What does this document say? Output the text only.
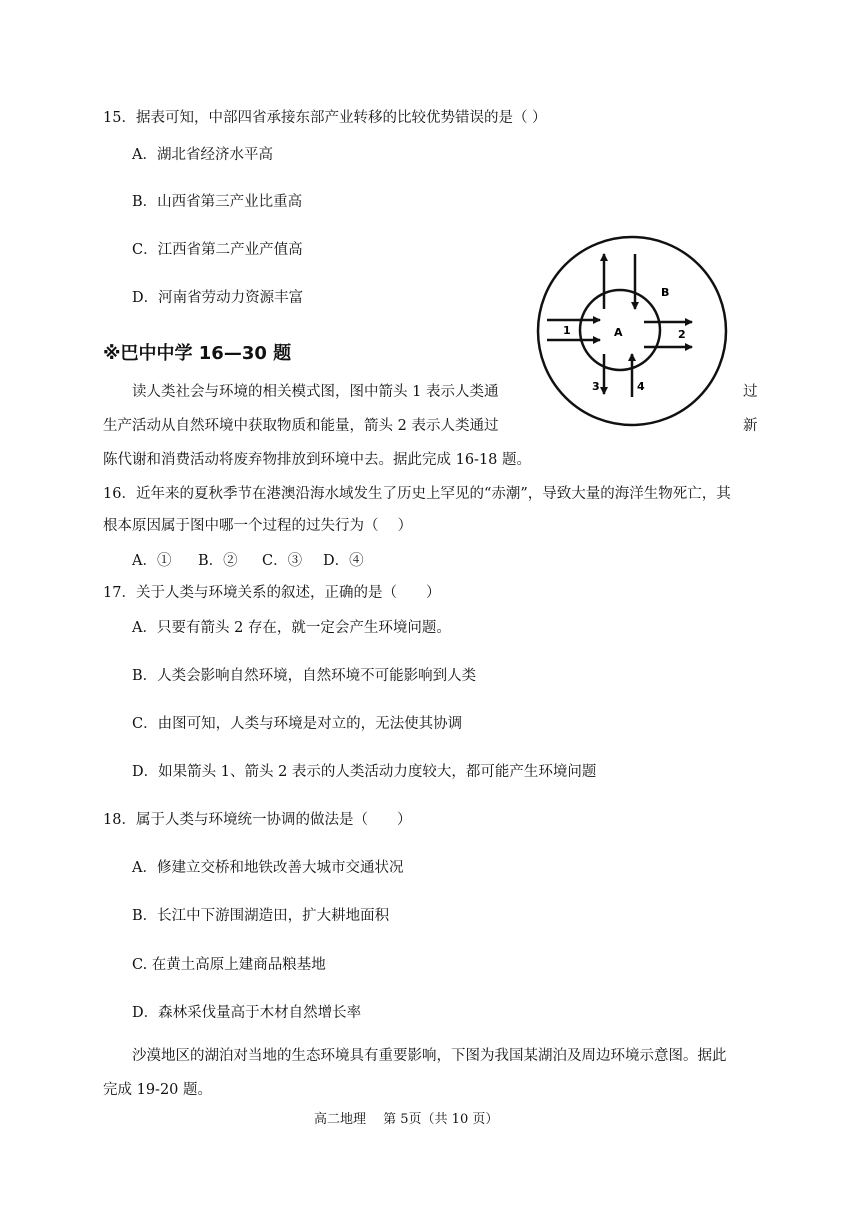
15．据表可知，中部四省承接东部产业转移的比较优势错误的是（ ）
A．湖北省经济水平高
B．山西省第三产业比重高
C．江西省第二产业产值高
D．河南省劳动力资源丰富
※巴中中学 16—30 题
读人类社会与环境的相关模式图，图中箭头 1 表示人类通	过
生产活动从自然环境中获取物质和能量，箭头 2 表示人类通过	新
陈代谢和消费活动将废弃物排放到环境中去。据此完成 16-18 题。
A
B
1	2
3	4
16．近年来的夏秋季节在港澳沿海水域发生了历史上罕见的“赤潮”，导致大量的海洋生物死亡，其
根本原因属于图中哪一个过程的过失行为（　 ）
A．① B．② C．③ D．④
17．关于人类与环境关系的叙述，正确的是（　　）
A．只要有箭头 2 存在，就一定会产生环境问题。
B．人类会影响自然环境，自然环境不可能影响到人类
C．由图可知，人类与环境是对立的，无法使其协调
D．如果箭头 1、箭头 2 表示的人类活动力度较大，都可能产生环境问题
18．属于人类与环境统一协调的做法是（　　）
A．修建立交桥和地铁改善大城市交通状况
B．长江中下游围湖造田，扩大耕地面积
C. 在黄土高原上建商品粮基地
D．森林采伐量高于木材自然增长率
沙漠地区的湖泊对当地的生态环境具有重要影响，下图为我国某湖泊及周边环境示意图。据此
完成 19-20 题。
高二地理　 第 5页（共 10 页）
